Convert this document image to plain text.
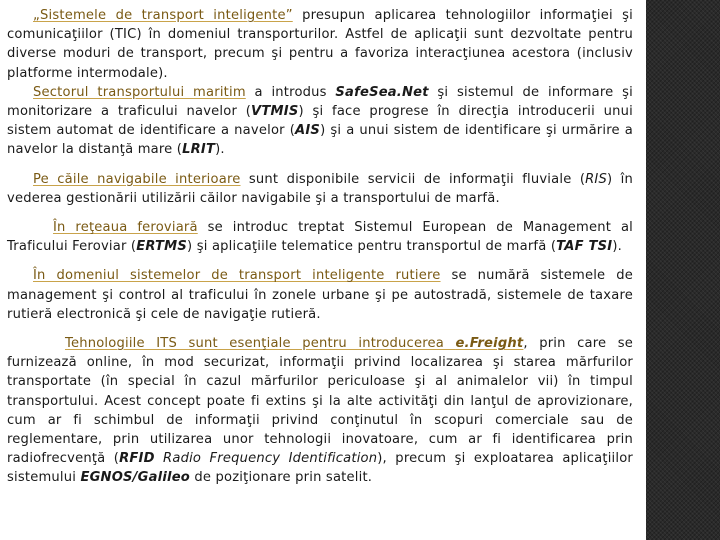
„Sistemele de transport inteligente” presupun aplicarea tehnologiilor informaţiei şi comunicaţiilor (TIC) în domeniul transporturilor. Astfel de aplicaţii sunt dezvoltate pentru diverse moduri de transport, precum şi pentru a favoriza interacţiunea acestora (inclusiv platforme intermodale).

Sectorul transportului maritim a introdus SafeSea.Net şi sistemul de informare şi monitorizare a traficului navelor (VTMIS) şi face progrese în direcţia introducerii unui sistem automat de identificare a navelor (AIS) şi a unui sistem de identificare şi urmărire a navelor la distanţă mare (LRIT).

Pe căile navigabile interioare sunt disponibile servicii de informaţii fluviale (RIS) în vederea gestionării utilizării căilor navigabile şi a transportului de marfă.

În reţeaua feroviară se introduc treptat Sistemul European de Management al Traficului Feroviar (ERTMS) şi aplicaţiile telematice pentru transportul de marfă (TAF TSI).

În domeniul sistemelor de transport inteligente rutiere se numără sistemele de management şi control al traficului în zonele urbane şi pe autostradă, sistemele de taxare rutieră electronică şi cele de navigaţie rutieră.

Tehnologiile ITS sunt esenţiale pentru introducerea e.Freight, prin care se furnizează online, în mod securizat, informaţii privind localizarea şi starea mărfurilor transportate (în special în cazul mărfurilor periculoase şi al animalelor vii) în timpul transportului. Acest concept poate fi extins şi la alte activităţi din lanţul de aprovizionare, cum ar fi schimbul de informaţii privind conţinutul în scopuri comerciale sau de reglementare, prin utilizarea unor tehnologii inovatoare, cum ar fi identificarea prin radiofrecvenţă (RFID Radio Frequency Identification), precum şi exploatarea aplicaţiilor sistemului EGNOS/Galileo de poziţionare prin satelit.
